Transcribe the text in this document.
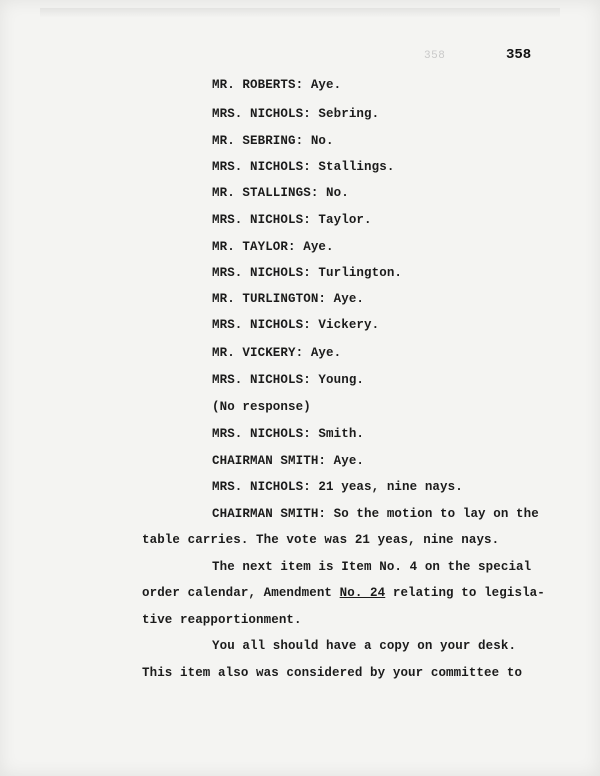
358	358
MR. ROBERTS: Aye.
MRS. NICHOLS: Sebring.
MR. SEBRING: No.
MRS. NICHOLS: Stallings.
MR. STALLINGS: No.
MRS. NICHOLS: Taylor.
MR. TAYLOR: Aye.
MRS. NICHOLS: Turlington.
MR. TURLINGTON: Aye.
MRS. NICHOLS: Vickery.
MR. VICKERY: Aye.
MRS. NICHOLS: Young.
(No response)
MRS. NICHOLS: Smith.
CHAIRMAN SMITH: Aye.
MRS. NICHOLS: 21 yeas, nine nays.
CHAIRMAN SMITH: So the motion to lay on the
table carries. The vote was 21 yeas, nine nays.
The next item is Item No. 4 on the special
order calendar, Amendment No. 24 relating to legisla-
tive reapportionment.
You all should have a copy on your desk.
This item also was considered by your committee to
